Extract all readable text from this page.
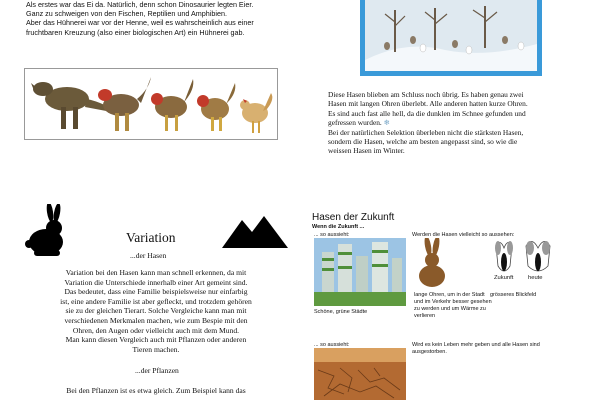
Als erstes war das Ei da. Natürlich, denn schon Dinosaurier legten Eier.

Ganz zu schweigen von den Fischen, Reptilien und Amphibien.

Aber das Hühnerei war vor der Henne, weil es wahrscheinlich aus einer

fruchtbaren Kreuzung (also einer biologischen Art) ein Hühnerei gab.

Diese Hasen blieben am Schluss noch übrig. Es haben genau zwei

Hasen mit langen Ohren überlebt. Alle anderen hatten kurze Ohren.

Es sind auch fast alle hell, da die dunklen im Schnee gefunden und

gefressen wurden. ❄

Bei der natürlichen Selektion überleben nicht die stärksten Hasen,

sondern die Hasen, welche am besten angepasst sind, so wie die

weissen Hasen im Winter.

Variation
...der Hasen

Variation bei den Hasen kann man schnell erkennen, da mit

Variation die Unterschiede innerhalb einer Art gemeint sind.

Das bedeutet, dass eine Familie beispielsweise nur einfarbig

ist, eine andere Familie ist aber gefleckt, und trotzdem gehören

sie zu der gleichen Tierart. Solche Vergleiche kann man mit

verschiedenen Merkmalen machen, wie zum Bespie mit den

Ohren, den Augen oder vielleicht auch mit dem Mund.

Man kann diesen Vergleich auch mit Pflanzen oder anderen

Tieren machen.

...der Pflanzen

Bei den Pflanzen ist es etwa gleich. Zum Beispiel kann das

Hasen der Zukunft
Wenn die Zukunft ...
... so aussieht:
Schöne, grüne Städte
Werden die Hasen vielleicht so aussehen:
lange Ohren, um in der Stadt und im Verkehr besser gesehen zu werden und um Wärme zu verlieren
Zukunft	heute
grösseres Blickfeld
... so aussieht:	Wird es kein Leben mehr geben und alle Hasen sind ausgestorben.
